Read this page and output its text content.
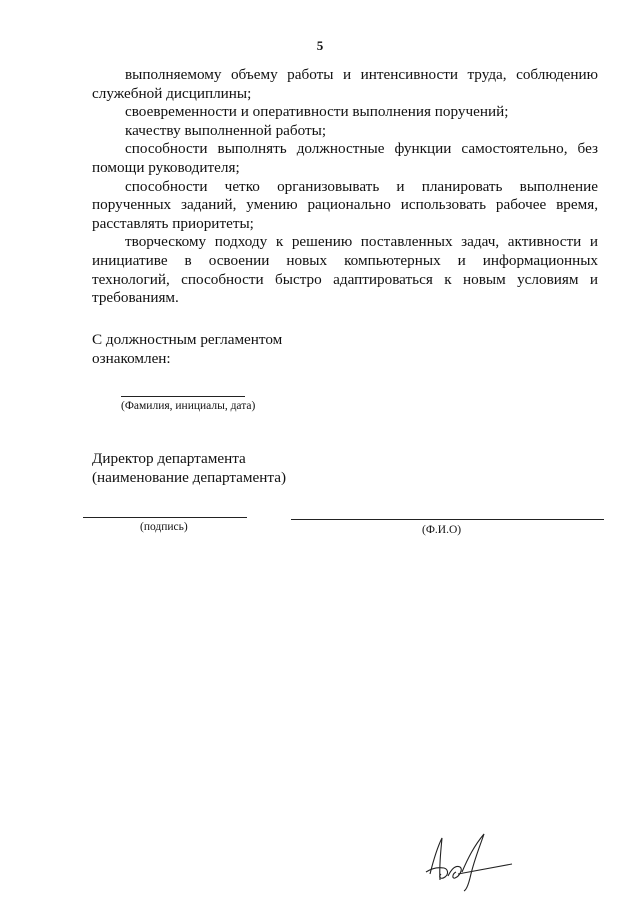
5

выполняемому объему работы и интенсивности труда, соблюдению служебной дисциплины;

своевременности и оперативности выполнения поручений;

качеству выполненной работы;

способности выполнять должностные функции самостоятельно, без помощи руководителя;

способности четко организовывать и планировать выполнение порученных заданий, умению рационально использовать рабочее время, расставлять приоритеты;

творческому подходу к решению поставленных задач, активности и инициативе в освоении новых компьютерных и информационных технологий, способности быстро адаптироваться к новым условиям и требованиям.

С должностным регламентом
ознакомлен:
(Фамилия, инициалы, дата)
Директор департамента
(наименование департамента)
(подпись)	(Ф.И.О)
